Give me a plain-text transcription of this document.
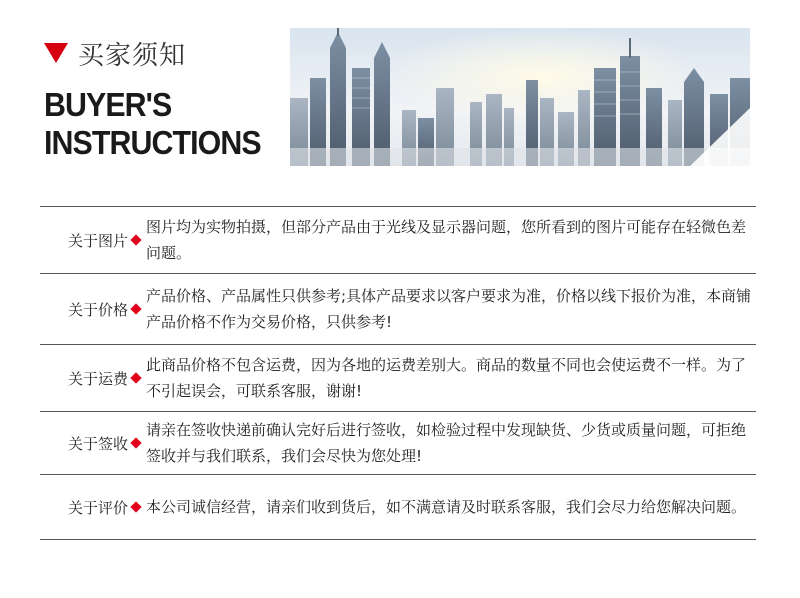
买家须知
BUYER'S
INSTRUCTIONS
关于图片
图片均为实物拍摄，但部分产品由于光线及显示器问题，您所看到的图片可能存在轻微色差问题。
关于价格
产品价格、产品属性只供参考;具体产品要求以客户要求为准，价格以线下报价为准，本商铺产品价格不作为交易价格，只供参考!
关于运费
此商品价格不包含运费，因为各地的运费差别大。商品的数量不同也会使运费不一样。为了不引起误会，可联系客服，谢谢!
关于签收
请亲在签收快递前确认完好后进行签收，如检验过程中发现缺货、少货或质量问题，可拒绝签收并与我们联系，我们会尽快为您处理!
关于评价 本公司诚信经营，请亲们收到货后，如不满意请及时联系客服，我们会尽力给您解决问题。
